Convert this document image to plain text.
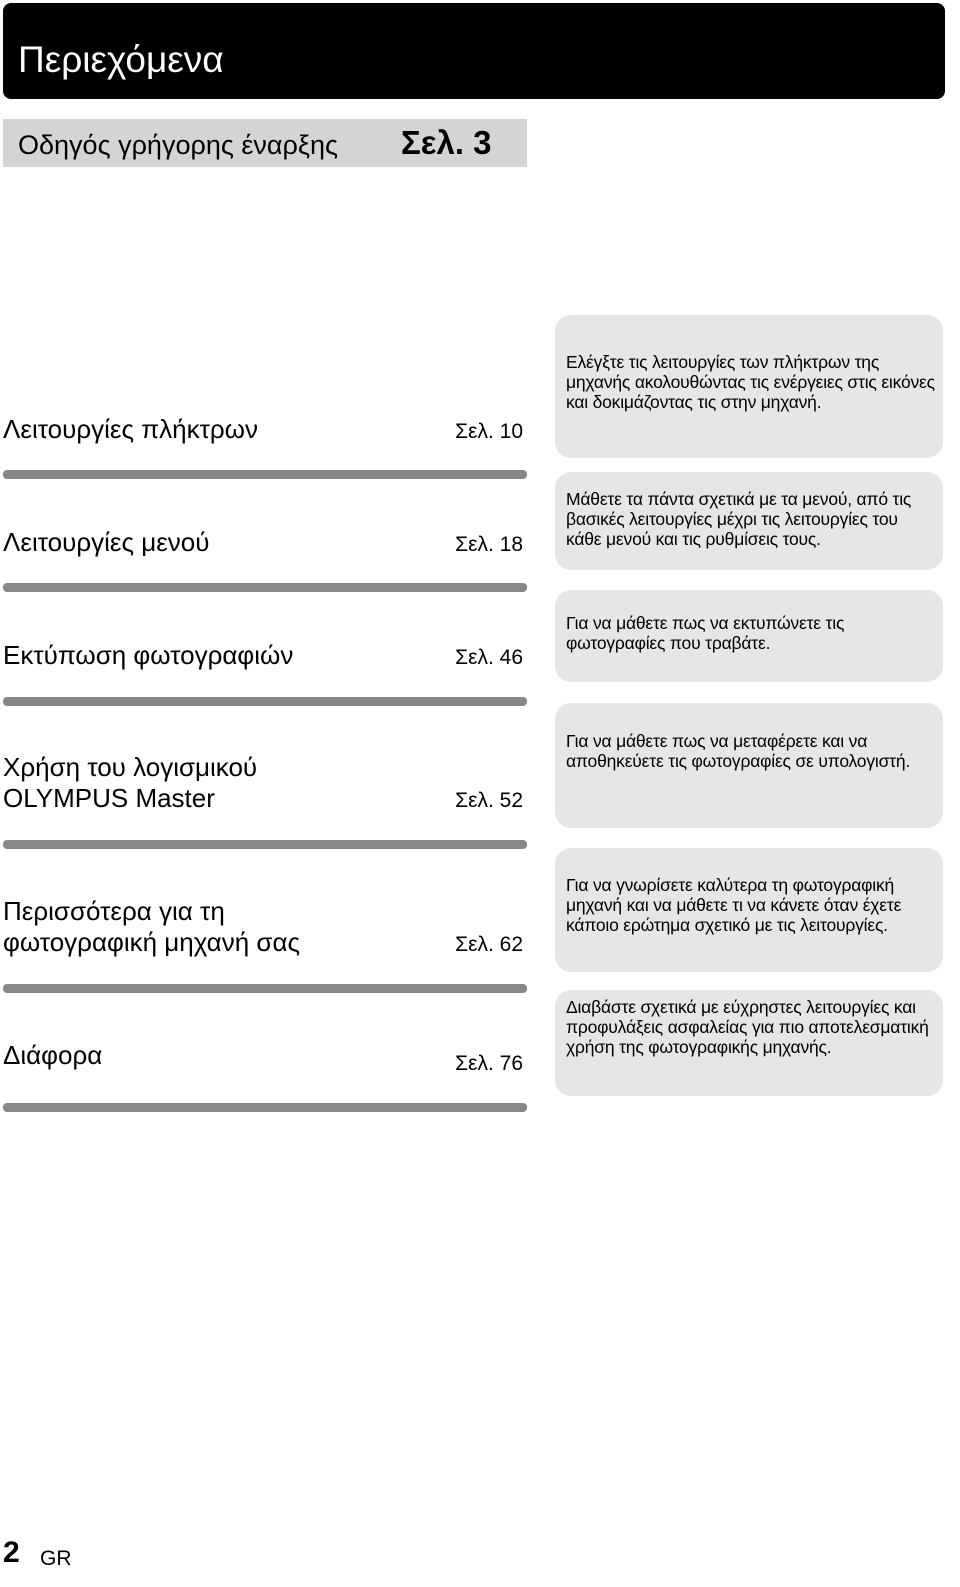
Περιεχόμενα
Οδηγός γρήγορης έναρξης Σελ. 3
Ελέγξτε τις λειτουργίες των πλήκτρων της μηχανής ακολουθώντας τις ενέργειες στις εικόνες και δοκιμάζοντας τις στην μηχανή.
Λειτουργίες πλήκτρων	Σελ. 10
Μάθετε τα πάντα σχετικά με τα μενού, από τις βασικές λειτουργίες μέχρι τις λειτουργίες του κάθε μενού και τις ρυθμίσεις τους.
Λειτουργίες μενού	Σελ. 18
Για να μάθετε πως να εκτυπώνετε τις φωτογραφίες που τραβάτε.
Εκτύπωση φωτογραφιών	Σελ. 46
Για να μάθετε πως να μεταφέρετε και να αποθηκεύετε τις φωτογραφίες σε υπολογιστή.
Χρήση του λογισμικού
OLYMPUS Master	Σελ. 52
Για να γνωρίσετε καλύτερα τη φωτογραφική μηχανή και να μάθετε τι να κάνετε όταν έχετε κάποιο ερώτημα σχετικό με τις λειτουργίες.
Περισσότερα για τη
φωτογραφική μηχανή σας	Σελ. 62
Διαβάστε σχετικά με εύχρηστες λειτουργίες και προφυλάξεις ασφαλείας για πιο αποτελεσματική χρήση της φωτογραφικής μηχανής.
Διάφορα	Σελ. 76
2 GR
